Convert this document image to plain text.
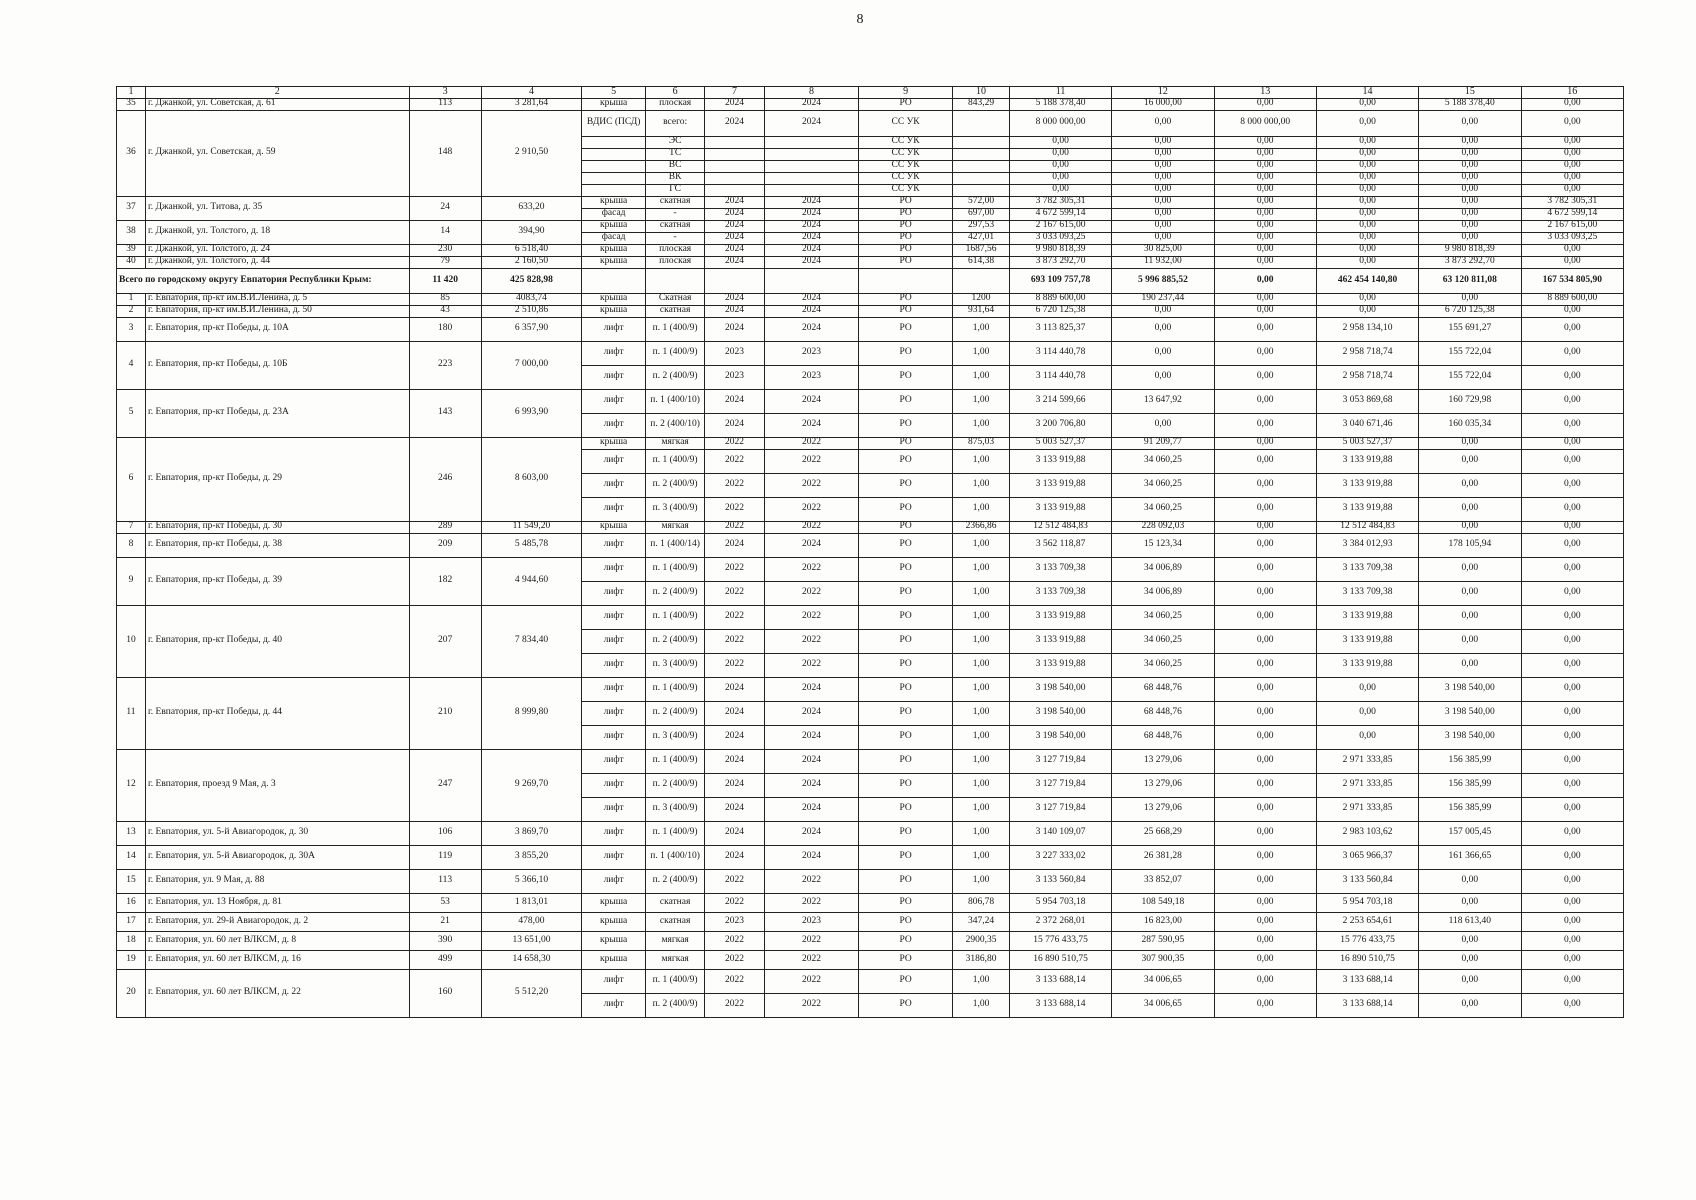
8
1	2	3	4	5	6	7	8	9	10	11	12	13	14	15	16
35	г. Джанкой, ул. Советская, д. 61	113	3 281,64	крыша	плоская	2024	2024	РО	843,29	5 188 378,40	16 000,00	0,00	0,00	5 188 378,40	0,00
36	г. Джанкой, ул. Советская, д. 59	148	2 910,50	ВДИС (ПСД)	всего:	2024	2024	СС УК		8 000 000,00	0,00	8 000 000,00	0,00	0,00	0,00
					ЭС			СС УК		0,00	0,00	0,00	0,00	0,00	0,00
					ТС			СС УК		0,00	0,00	0,00	0,00	0,00	0,00
					ВС			СС УК		0,00	0,00	0,00	0,00	0,00	0,00
					ВК			СС УК		0,00	0,00	0,00	0,00	0,00	0,00
					ГС			СС УК		0,00	0,00	0,00	0,00	0,00	0,00
37	г. Джанкой, ул. Титова, д. 35	24	633,20	крыша	скатная	2024	2024	РО	572,00	3 782 305,31	0,00	0,00	0,00	0,00	3 782 305,31
				фасад	-	2024	2024	РО	697,00	4 672 599,14	0,00	0,00	0,00	0,00	4 672 599,14
38	г. Джанкой, ул. Толстого, д. 18	14	394,90	крыша	скатная	2024	2024	РО	297,53	2 167 615,00	0,00	0,00	0,00	0,00	2 167 615,00
				фасад	-	2024	2024	РО	427,01	3 033 093,25	0,00	0,00	0,00	0,00	3 033 093,25
39	г. Джанкой, ул. Толстого, д. 24	230	6 518,40	крыша	плоская	2024	2024	РО	1687,56	9 980 818,39	30 825,00	0,00	0,00	9 980 818,39	0,00
40	г. Джанкой, ул. Толстого, д. 44	79	2 160,50	крыша	плоская	2024	2024	РО	614,38	3 873 292,70	11 932,00	0,00	0,00	3 873 292,70	0,00
Всего по городскому округу Евпатория Республики Крым:		11 420	425 828,98							693 109 757,78	5 996 885,52	0,00	462 454 140,80	63 120 811,08	167 534 805,90
1	г. Евпатория, пр-кт им.В.И.Ленина, д. 5	85	4083,74	крыша	Скатная	2024	2024	РО	1200	8 889 600,00	190 237,44	0,00	0,00	0,00	8 889 600,00
2	г. Евпатория, пр-кт им.В.И.Ленина, д. 50	43	2 510,86	крыша	скатная	2024	2024	РО	931,64	6 720 125,38	0,00	0,00	0,00	6 720 125,38	0,00
3	г. Евпатория, пр-кт Победы, д. 10А	180	6 357,90	лифт	п. 1 (400/9)	2024	2024	РО	1,00	3 113 825,37	0,00	0,00	2 958 134,10	155 691,27	0,00
4	г. Евпатория, пр-кт Победы, д. 10Б	223	7 000,00	лифт	п. 1 (400/9)	2023	2023	РО	1,00	3 114 440,78	0,00	0,00	2 958 718,74	155 722,04	0,00
				лифт	п. 2 (400/9)	2023	2023	РО	1,00	3 114 440,78	0,00	0,00	2 958 718,74	155 722,04	0,00
5	г. Евпатория, пр-кт Победы, д. 23А	143	6 993,90	лифт	п. 1 (400/10)	2024	2024	РО	1,00	3 214 599,66	13 647,92	0,00	3 053 869,68	160 729,98	0,00
				лифт	п. 2 (400/10)	2024	2024	РО	1,00	3 200 706,80	0,00	0,00	3 040 671,46	160 035,34	0,00
6	г. Евпатория, пр-кт Победы, д. 29	246	8 603,00	крыша	мягкая	2022	2022	РО	875,03	5 003 527,37	91 209,77	0,00	5 003 527,37	0,00	0,00
				лифт	п. 1 (400/9)	2022	2022	РО	1,00	3 133 919,88	34 060,25	0,00	3 133 919,88	0,00	0,00
				лифт	п. 2 (400/9)	2022	2022	РО	1,00	3 133 919,88	34 060,25	0,00	3 133 919,88	0,00	0,00
				лифт	п. 3 (400/9)	2022	2022	РО	1,00	3 133 919,88	34 060,25	0,00	3 133 919,88	0,00	0,00
7	г. Евпатория, пр-кт Победы, д. 30	289	11 549,20	крыша	мягкая	2022	2022	РО	2366,86	12 512 484,83	228 092,03	0,00	12 512 484,83	0,00	0,00
8	г. Евпатория, пр-кт Победы, д. 38	209	5 485,78	лифт	п. 1 (400/14)	2024	2024	РО	1,00	3 562 118,87	15 123,34	0,00	3 384 012,93	178 105,94	0,00
9	г. Евпатория, пр-кт Победы, д. 39	182	4 944,60	лифт	п. 1 (400/9)	2022	2022	РО	1,00	3 133 709,38	34 006,89	0,00	3 133 709,38	0,00	0,00
				лифт	п. 2 (400/9)	2022	2022	РО	1,00	3 133 709,38	34 006,89	0,00	3 133 709,38	0,00	0,00
10	г. Евпатория, пр-кт Победы, д. 40	207	7 834,40	лифт	п. 1 (400/9)	2022	2022	РО	1,00	3 133 919,88	34 060,25	0,00	3 133 919,88	0,00	0,00
				лифт	п. 2 (400/9)	2022	2022	РО	1,00	3 133 919,88	34 060,25	0,00	3 133 919,88	0,00	0,00
				лифт	п. 3 (400/9)	2022	2022	РО	1,00	3 133 919,88	34 060,25	0,00	3 133 919,88	0,00	0,00
11	г. Евпатория, пр-кт Победы, д. 44	210	8 999,80	лифт	п. 1 (400/9)	2024	2024	РО	1,00	3 198 540,00	68 448,76	0,00	0,00	3 198 540,00	0,00
				лифт	п. 2 (400/9)	2024	2024	РО	1,00	3 198 540,00	68 448,76	0,00	0,00	3 198 540,00	0,00
				лифт	п. 3 (400/9)	2024	2024	РО	1,00	3 198 540,00	68 448,76	0,00	0,00	3 198 540,00	0,00
12	г. Евпатория, проезд 9 Мая, д. 3	247	9 269,70	лифт	п. 1 (400/9)	2024	2024	РО	1,00	3 127 719,84	13 279,06	0,00	2 971 333,85	156 385,99	0,00
				лифт	п. 2 (400/9)	2024	2024	РО	1,00	3 127 719,84	13 279,06	0,00	2 971 333,85	156 385,99	0,00
				лифт	п. 3 (400/9)	2024	2024	РО	1,00	3 127 719,84	13 279,06	0,00	2 971 333,85	156 385,99	0,00
13	г. Евпатория, ул. 5-й Авиагородок, д. 30	106	3 869,70	лифт	п. 1 (400/9)	2024	2024	РО	1,00	3 140 109,07	25 668,29	0,00	2 983 103,62	157 005,45	0,00
14	г. Евпатория, ул. 5-й Авиагородок, д. 30А	119	3 855,20	лифт	п. 1 (400/10)	2024	2024	РО	1,00	3 227 333,02	26 381,28	0,00	3 065 966,37	161 366,65	0,00
15	г. Евпатория, ул. 9 Мая, д. 88	113	5 366,10	лифт	п. 2 (400/9)	2022	2022	РО	1,00	3 133 560,84	33 852,07	0,00	3 133 560,84	0,00	0,00
16	г. Евпатория, ул. 13 Ноября, д. 81	53	1 813,01	крыша	скатная	2022	2022	РО	806,78	5 954 703,18	108 549,18	0,00	5 954 703,18	0,00	0,00
17	г. Евпатория, ул. 29-й Авиагородок, д. 2	21	478,00	крыша	скатная	2023	2023	РО	347,24	2 372 268,01	16 823,00	0,00	2 253 654,61	118 613,40	0,00
18	г. Евпатория, ул. 60 лет ВЛКСМ, д. 8	390	13 651,00	крыша	мягкая	2022	2022	РО	2900,35	15 776 433,75	287 590,95	0,00	15 776 433,75	0,00	0,00
19	г. Евпатория, ул. 60 лет ВЛКСМ, д. 16	499	14 658,30	крыша	мягкая	2022	2022	РО	3186,80	16 890 510,75	307 900,35	0,00	16 890 510,75	0,00	0,00
20	г. Евпатория, ул. 60 лет ВЛКСМ, д. 22	160	5 512,20	лифт	п. 1 (400/9)	2022	2022	РО	1,00	3 133 688,14	34 006,65	0,00	3 133 688,14	0,00	0,00
				лифт	п. 2 (400/9)	2022	2022	РО	1,00	3 133 688,14	34 006,65	0,00	3 133 688,14	0,00	0,00
